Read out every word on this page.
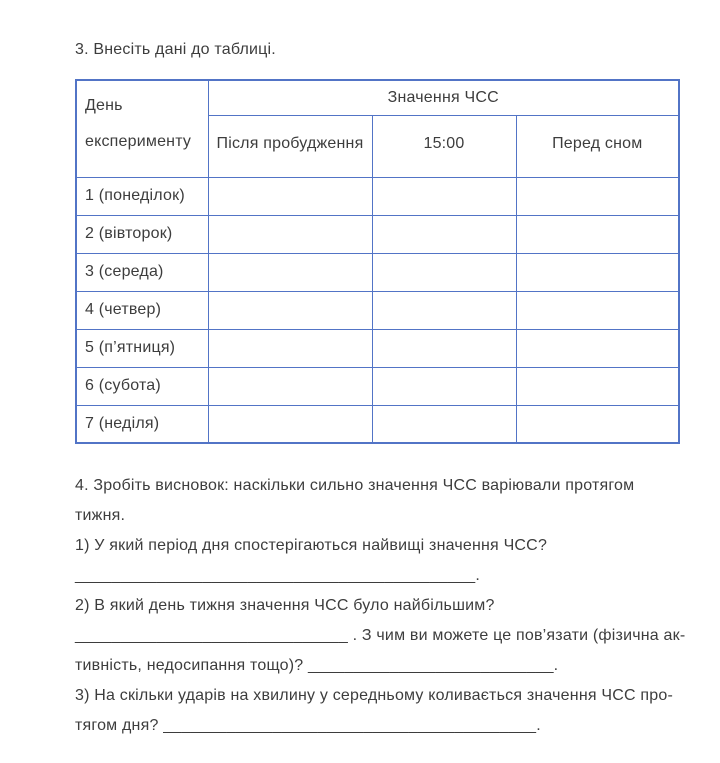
3. Внесіть дані до таблиці.
День експерименту	Значення ЧСС		
	Після пробудження	15:00	Перед сном
1 (понеділок)			
2 (вівторок)			
3 (середа)			
4 (четвер)			
5 (п’ятниця)			
6 (субота)			
7 (неділя)			
4. Зробіть висновок: наскільки сильно значення ЧСС варіювали протягом
тижня.
1) У який період дня спостерігаються найвищі значення ЧСС?
____________________________________________.
2) В який день тижня значення ЧСС було найбільшим?
______________________________ . З чим ви можете це пов’язати (фізична ак-
тивність, недосипання тощо)? ___________________________.
3) На скільки ударів на хвилину у середньому коливається значення ЧСС про-
тягом дня? _________________________________________.
